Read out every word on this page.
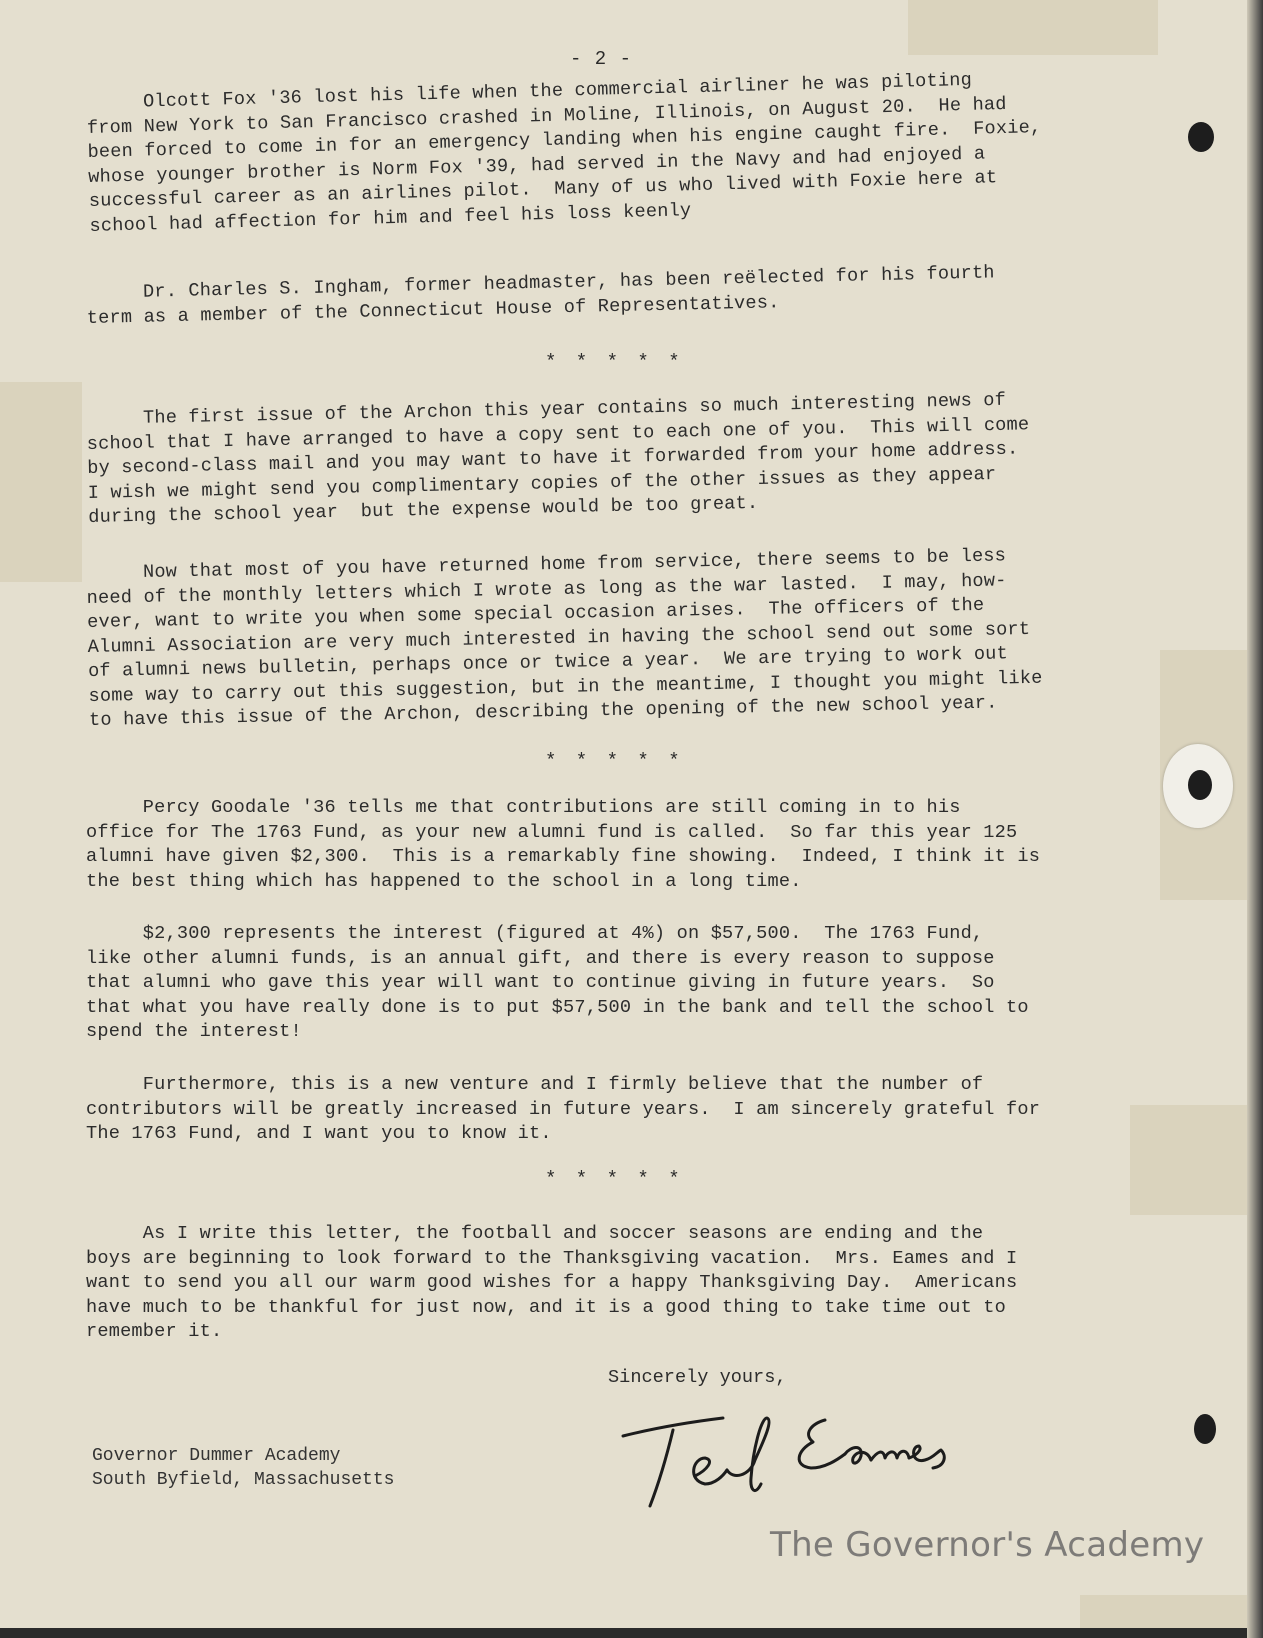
- 2 -

Olcott Fox '36 lost his life when the commercial airliner he was piloting
from New York to San Francisco crashed in Moline, Illinois, on August 20.  He had
been forced to come in for an emergency landing when his engine caught fire.  Foxie,
whose younger brother is Norm Fox '39, had served in the Navy and had enjoyed a
successful career as an airlines pilot.  Many of us who lived with Foxie here at
school had affection for him and feel his loss keenly

Dr. Charles S. Ingham, former headmaster, has been reëlected for his fourth
term as a member of the Connecticut House of Representatives.

* * * * *

The first issue of the Archon this year contains so much interesting news of
school that I have arranged to have a copy sent to each one of you.  This will come
by second-class mail and you may want to have it forwarded from your home address.
I wish we might send you complimentary copies of the other issues as they appear
during the school year  but the expense would be too great.

Now that most of you have returned home from service, there seems to be less
need of the monthly letters which I wrote as long as the war lasted.  I may, how-
ever, want to write you when some special occasion arises.  The officers of the
Alumni Association are very much interested in having the school send out some sort
of alumni news bulletin, perhaps once or twice a year.  We are trying to work out
some way to carry out this suggestion, but in the meantime, I thought you might like
to have this issue of the Archon, describing the opening of the new school year.

* * * * *

Percy Goodale '36 tells me that contributions are still coming in to his
office for The 1763 Fund, as your new alumni fund is called.  So far this year 125
alumni have given $2,300.  This is a remarkably fine showing.  Indeed, I think it is
the best thing which has happened to the school in a long time.

$2,300 represents the interest (figured at 4%) on $57,500.  The 1763 Fund,
like other alumni funds, is an annual gift, and there is every reason to suppose
that alumni who gave this year will want to continue giving in future years.  So
that what you have really done is to put $57,500 in the bank and tell the school to
spend the interest!

Furthermore, this is a new venture and I firmly believe that the number of
contributors will be greatly increased in future years.  I am sincerely grateful for
The 1763 Fund, and I want you to know it.

* * * * *

As I write this letter, the football and soccer seasons are ending and the
boys are beginning to look forward to the Thanksgiving vacation.  Mrs. Eames and I
want to send you all our warm good wishes for a happy Thanksgiving Day.  Americans
have much to be thankful for just now, and it is a good thing to take time out to
remember it.

Sincerely yours,
Governor Dummer Academy
South Byfield, Massachusetts
The Governor's Academy
